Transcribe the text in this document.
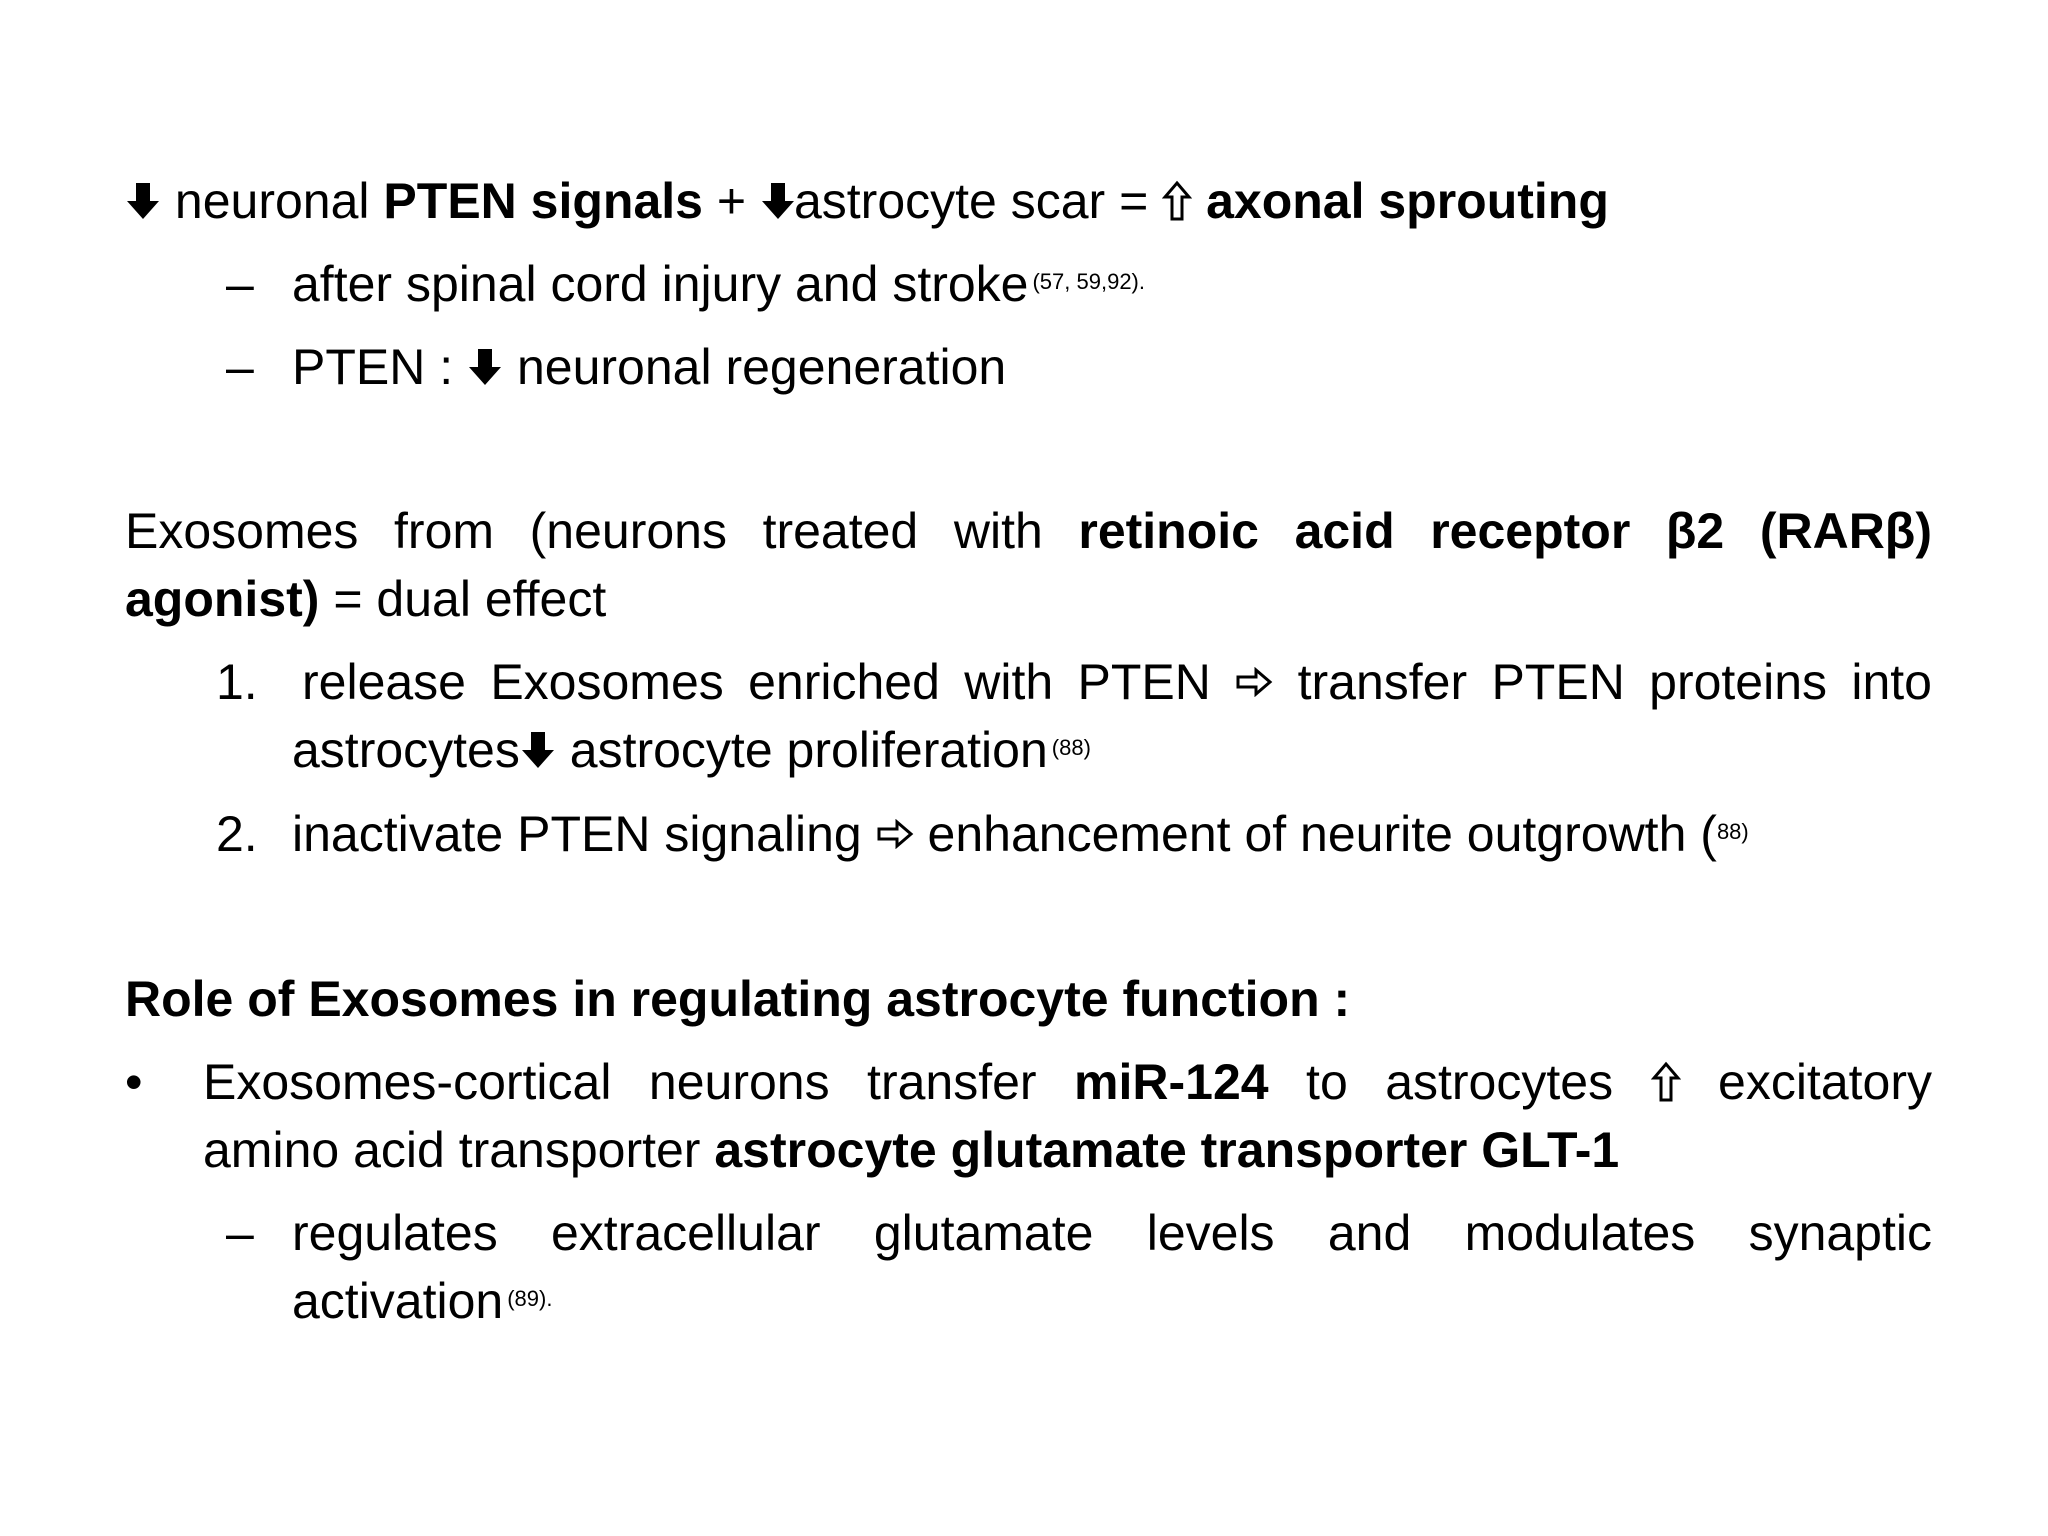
neuronal PTEN signals + astrocyte scar = axonal sprouting
– after spinal cord injury and stroke $^{(57, 59,92).}$
– PTEN : neuronal regeneration
Exosomes from (neurons treated with retinoic acid receptor β2 (RARβ)
agonist) = dual effect
1. release Exosomes enriched with PTEN transfer PTEN proteins into
astrocytes astrocyte proliferation $^{(88)}$
2. inactivate PTEN signaling enhancement of neurite outgrowth ($^{88)}$
Role of Exosomes in regulating astrocyte function :
• Exosomes-cortical neurons transfer miR-124 to astrocytes excitatory
amino acid transporter astrocyte glutamate transporter GLT-1
– regulates extracellular glutamate levels and modulates synaptic
activation $^{(89).}$
